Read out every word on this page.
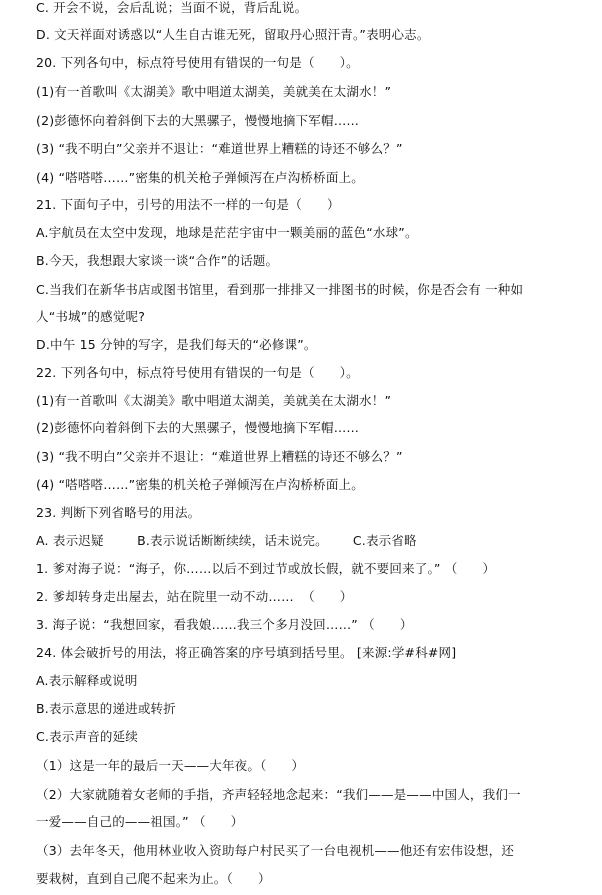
C. 开会不说，会后乱说；当面不说，背后乱说。
D. 文天祥面对诱惑以“人生自古谁无死，留取丹心照汗青。”表明心志。
20. 下列各句中，标点符号使用有错误的一句是（      ）。
(1)有一首歌叫《太湖美》歌中唱道太湖美，美就美在太湖水！”
(2)彭德怀向着斜倒下去的大黑骡子，慢慢地摘下军帽……
(3) “我不明白”父亲并不退让：“难道世界上糟糕的诗还不够么？”
(4) “嗒嗒嗒……”密集的机关枪子弹倾泻在卢沟桥桥面上。
21. 下面句子中，引号的用法不一样的一句是（      ）
A.宇航员在太空中发现，地球是茫茫宇宙中一颗美丽的蓝色“水球”。
B.今天，我想跟大家谈一谈“合作”的话题。
C.当我们在新华书店或图书馆里，看到那一排排又一排图书的时候，你是否会有 一种如
人“书城”的感觉呢?
D.中午 15 分钟的写字，是我们每天的“必修课”。
22. 下列各句中，标点符号使用有错误的一句是（      ）。
(1)有一首歌叫《太湖美》歌中唱道太湖美，美就美在太湖水！”
(2)彭德怀向着斜倒下去的大黑骡子，慢慢地摘下军帽……
(3) “我不明白”父亲并不退让：“难道世界上糟糕的诗还不够么？”
(4) “嗒嗒嗒……”密集的机关枪子弹倾泻在卢沟桥桥面上。
23. 判断下列省略号的用法。
A. 表示迟疑        B.表示说话断断续续，话未说完。      C.表示省略
1. 爹对海子说：“海子，你……以后不到过节或放长假，就不要回来了。” （      ）
2. 爹却转身走出屋去，站在院里一动不动……  （      ）
3. 海子说：“我想回家，看我娘……我三个多月没回……” （      ）
24. 体会破折号的用法，将正确答案的序号填到括号里。 [来源:学#科#网]
A.表示解释或说明
B.表示意思的递进或转折
C.表示声音的延续
（1）这是一年的最后一天——大年夜。（      ）
（2）大家就随着女老师的手指，齐声轻轻地念起来：“我们——是——中国人，我们一
一爱——自己的——祖国。” （      ）
（3）去年冬天，他用林业收入资助每户村民买了一台电视机——他还有宏伟设想，还
要栽树，直到自己爬不起来为止。（      ）
